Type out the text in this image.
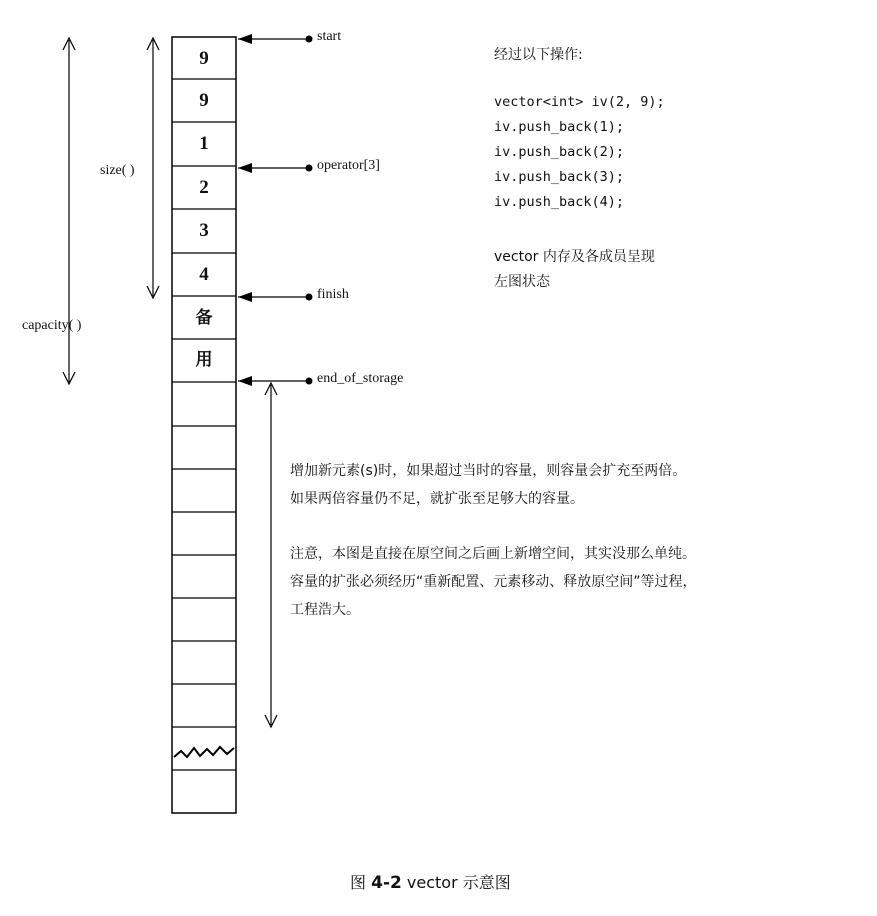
9
9
1
2
3
4
备
用
start
operator[3]
finish
end_of_storage
size( )
capacity( )
经过以下操作:
vector<int> iv(2, 9);
iv.push_back(1);
iv.push_back(2);
iv.push_back(3);
iv.push_back(4);
vector 内存及各成员呈现
左图状态
增加新元素(s)时，如果超过当时的容量，则容量会扩充至两倍。
如果两倍容量仍不足，就扩张至足够大的容量。
注意，本图是直接在原空间之后画上新增空间，其实没那么单纯。
容量的扩张必须经历“重新配置、元素移动、释放原空间”等过程，
工程浩大。
图 4-2 vector 示意图
